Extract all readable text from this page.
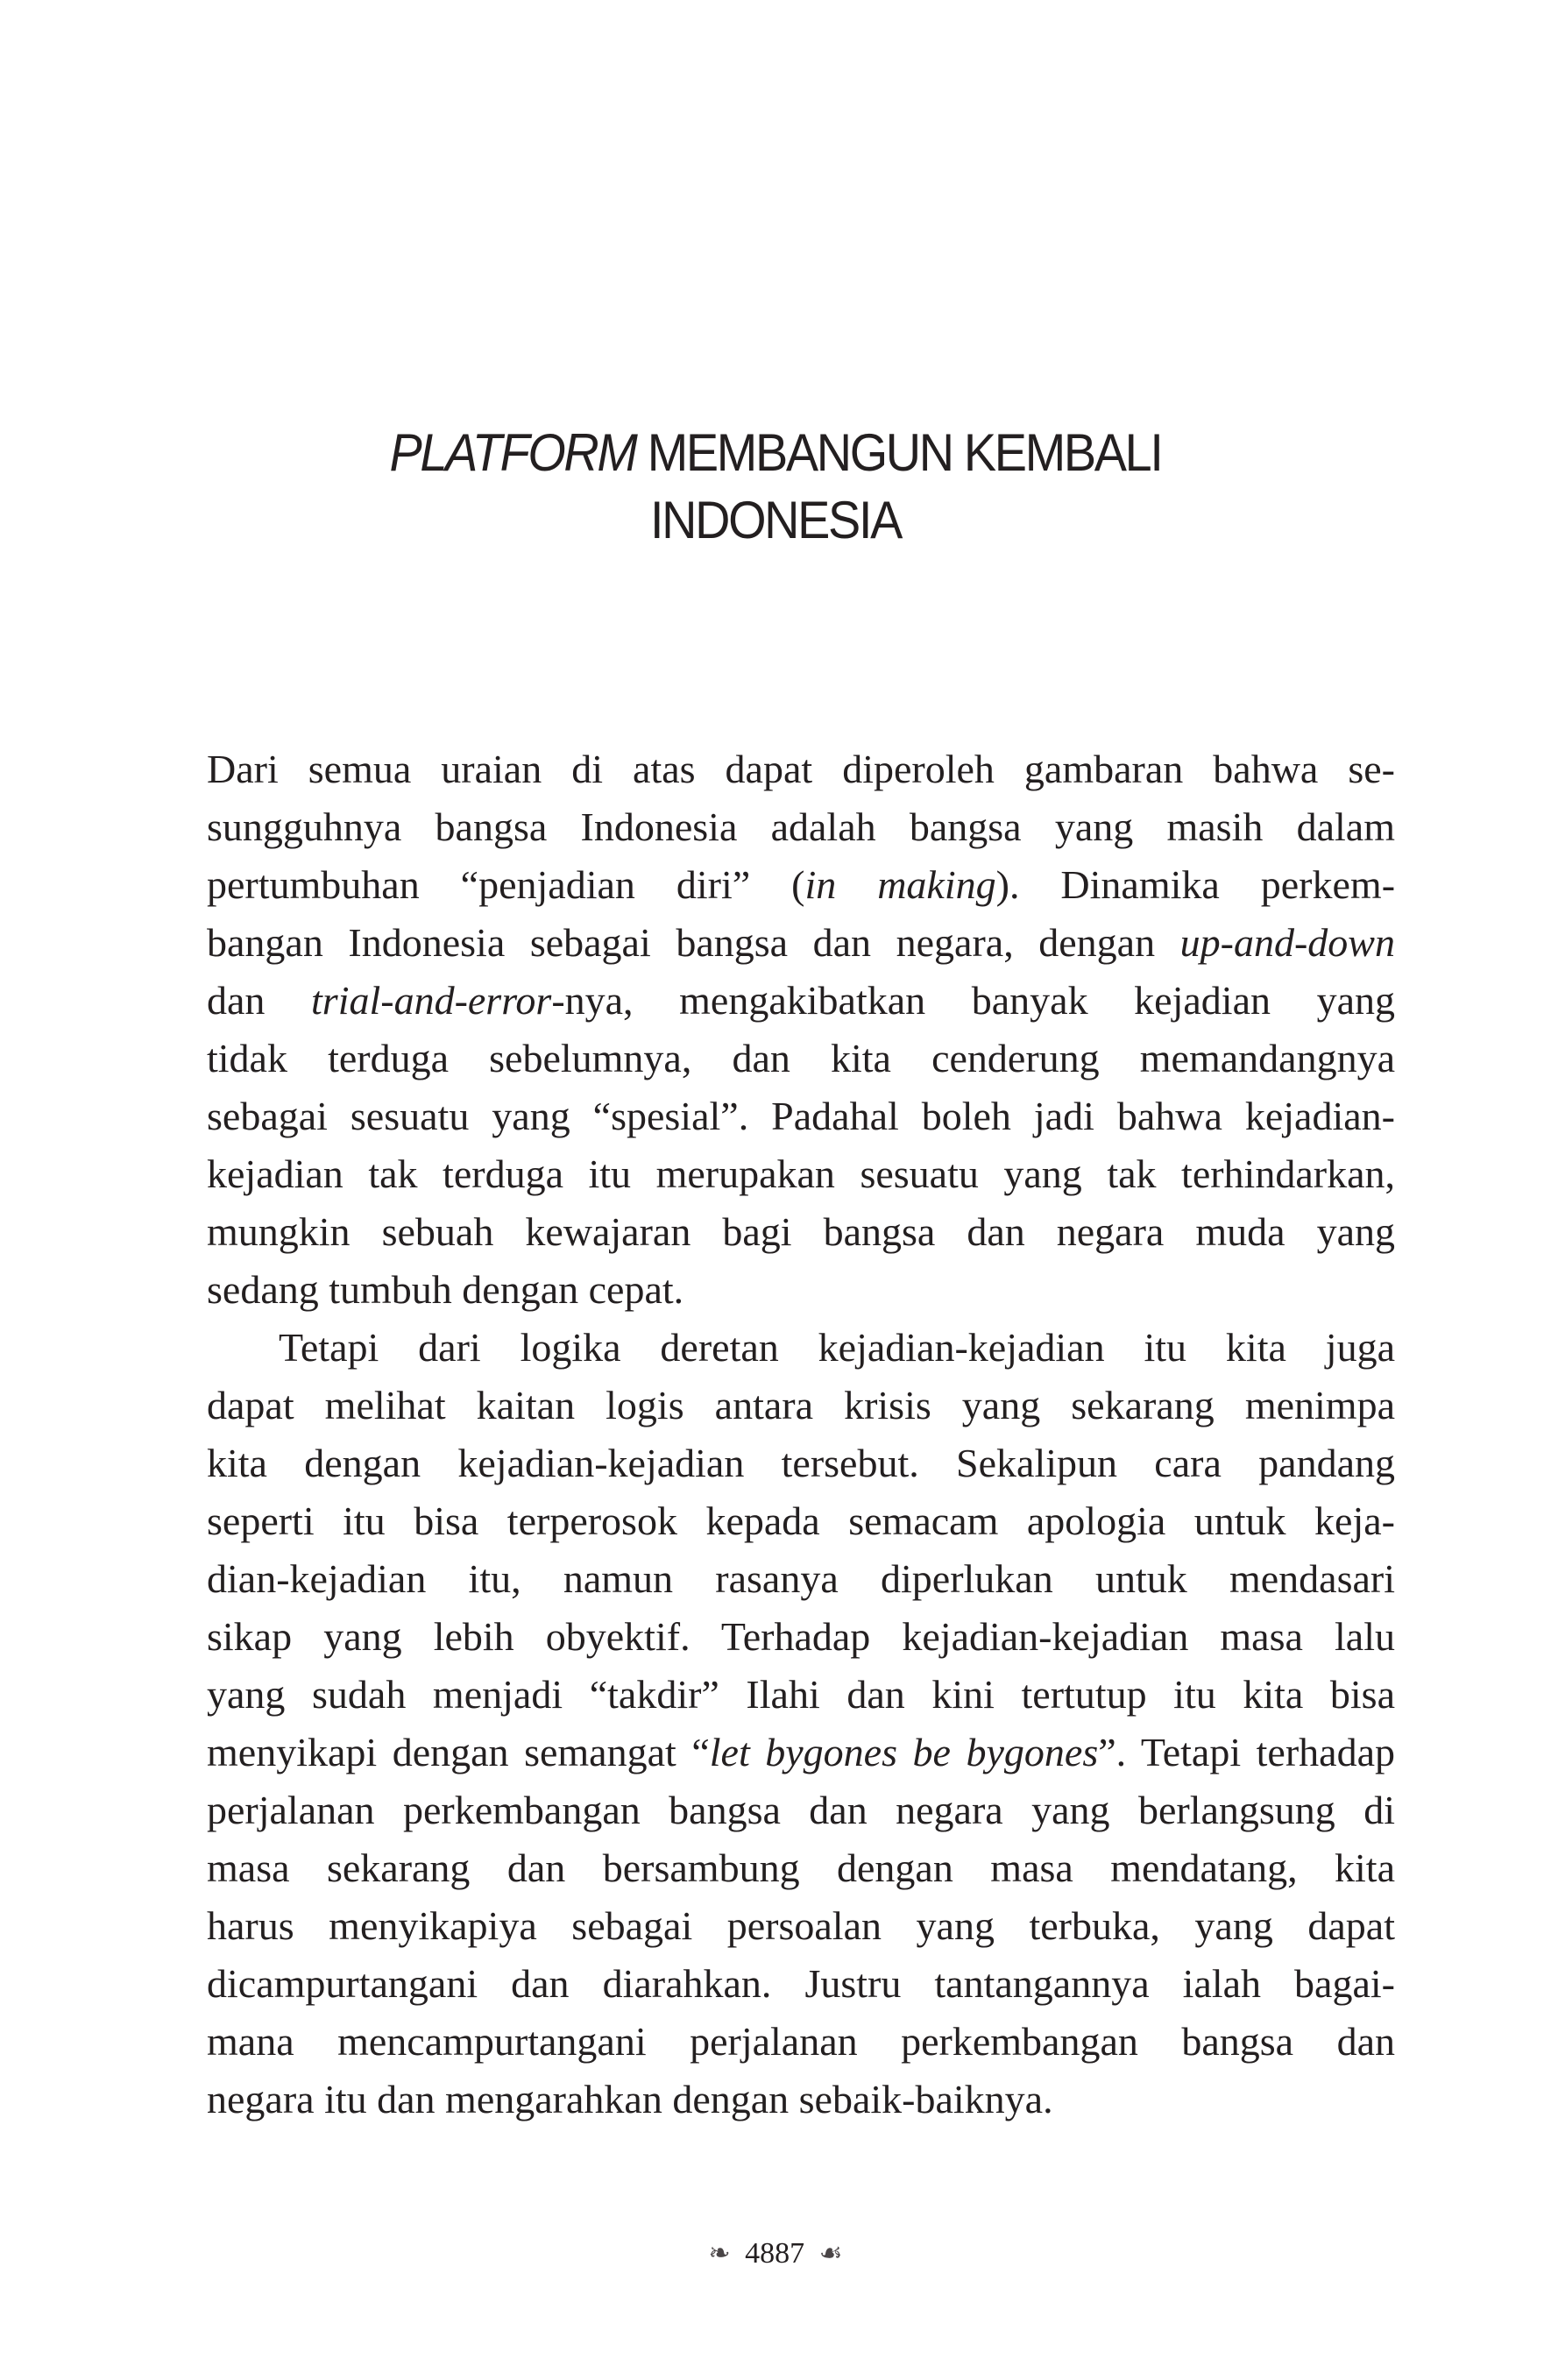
PLATFORM MEMBANGUN KEMBALI
INDONESIA
Dari semua uraian di atas dapat diperoleh gambaran bahwa se-
sungguhnya bangsa Indonesia adalah bangsa yang masih dalam
pertumbuhan “penjadian diri” (in making). Dinamika perkem-
bangan Indonesia sebagai bangsa dan negara, dengan up-and-down
dan trial-and-error-nya, mengakibatkan banyak kejadian yang
tidak terduga sebelumnya, dan kita cenderung memandangnya
sebagai sesuatu yang “spesial”. Padahal boleh jadi bahwa kejadian-
kejadian tak terduga itu merupakan sesuatu yang tak terhindarkan,
mungkin sebuah kewajaran bagi bangsa dan negara muda yang
sedang tumbuh dengan cepat.
Tetapi dari logika deretan kejadian-kejadian itu kita juga
dapat melihat kaitan logis antara krisis yang sekarang menimpa
kita dengan kejadian-kejadian tersebut. Sekalipun cara pandang
seperti itu bisa terperosok kepada semacam apologia untuk keja-
dian-kejadian itu, namun rasanya diperlukan untuk mendasari
sikap yang lebih obyektif. Terhadap kejadian-kejadian masa lalu
yang sudah menjadi “takdir” Ilahi dan kini tertutup itu kita bisa
menyikapi dengan semangat “let bygones be bygones”. Tetapi terhadap
perjalanan perkembangan bangsa dan negara yang berlangsung di
masa sekarang dan bersambung dengan masa mendatang, kita
harus menyikapiya sebagai persoalan yang terbuka, yang dapat
dicampurtangani dan diarahkan. Justru tantangannya ialah bagai-
mana mencampurtangani perjalanan perkembangan bangsa dan
negara itu dan mengarahkan dengan sebaik-baiknya.
❧ 4887 ☙
